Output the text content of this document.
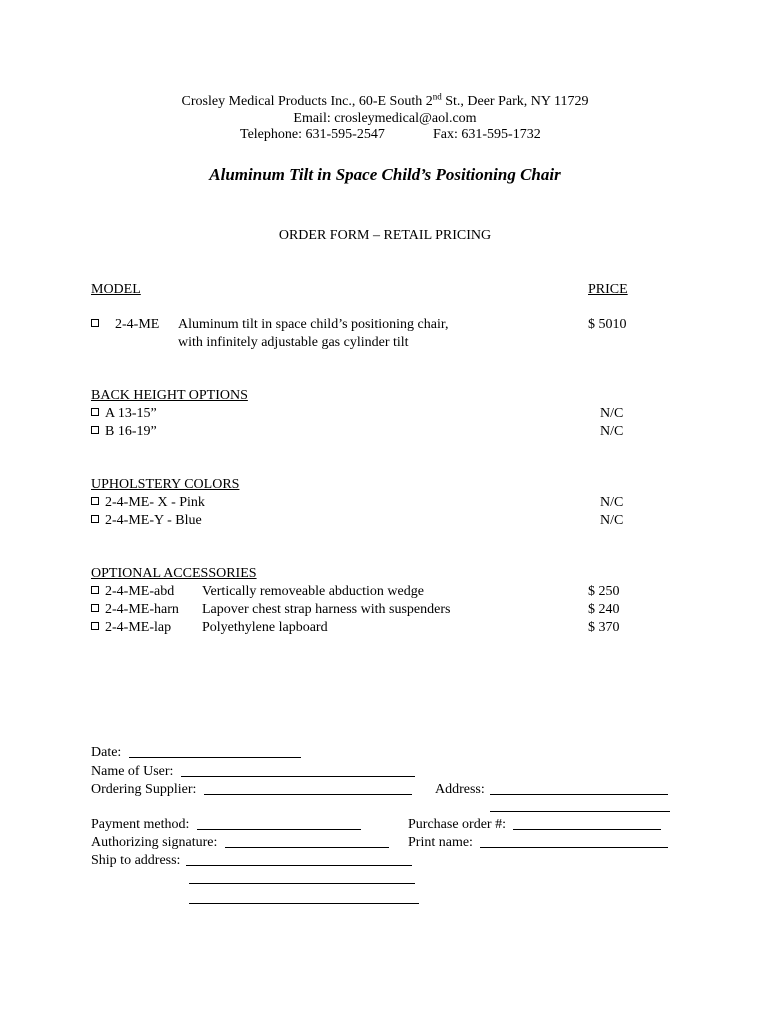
Crosley Medical Products Inc., 60-E South 2nd St., Deer Park, NY 11729
Email: crosleymedical@aol.com
Telephone: 631-595-2547	Fax: 631-595-1732
Aluminum Tilt in Space Child’s Positioning Chair
ORDER FORM – RETAIL PRICING
MODEL	PRICE
2-4-ME Aluminum tilt in space child’s positioning chair,
with infinitely adjustable gas cylinder tilt
$ 5010
BACK HEIGHT OPTIONS
A 13-15”	N/C
B 16-19”	N/C
UPHOLSTERY COLORS
2-4-ME- X - Pink	N/C
2-4-ME-Y - Blue	N/C
OPTIONAL ACCESSORIES
2-4-ME-abd Vertically removeable abduction wedge	$ 250
2-4-ME-harn Lapover chest strap harness with suspenders	$ 240
2-4-ME-lap Polyethylene lapboard	$ 370
Date:
Name of User:
Ordering Supplier:	Address:
Payment method:	Purchase order #:
Authorizing signature:	Print name:
Ship to address:
